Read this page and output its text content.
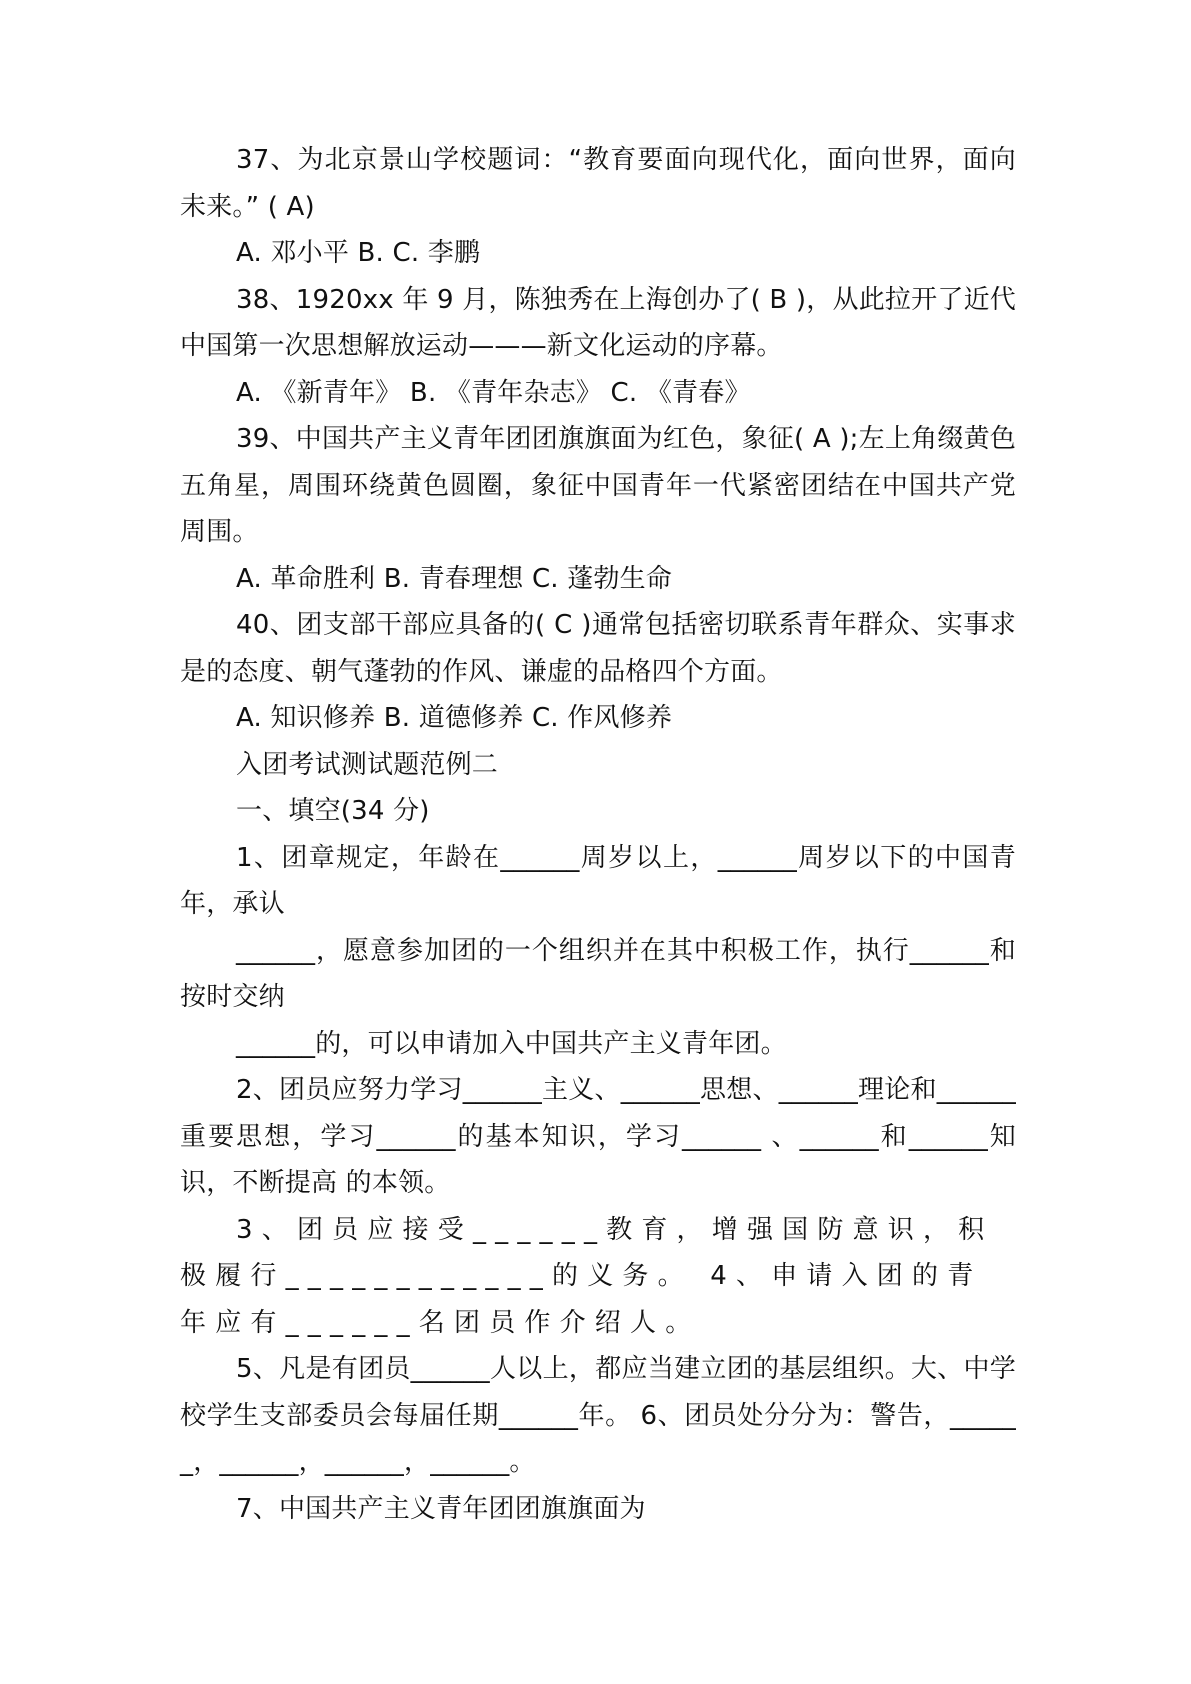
37、为北京景山学校题词：“教育要面向现代化，面向世界，面向未来。” ( A)

A. 邓小平 B. C. 李鹏

38、1920xx 年 9 月，陈独秀在上海创办了( B )，从此拉开了近代中国第一次思想解放运动———新文化运动的序幕。

A. 《新青年》 B. 《青年杂志》 C. 《青春》

39、中国共产主义青年团团旗旗面为红色，象征( A );左上角缀黄色五角星，周围环绕黄色圆圈，象征中国青年一代紧密团结在中国共产党周围。

A. 革命胜利 B. 青春理想 C. 蓬勃生命

40、团支部干部应具备的( C )通常包括密切联系青年群众、实事求是的态度、朝气蓬勃的作风、谦虚的品格四个方面。

A. 知识修养 B. 道德修养 C. 作风修养

入团考试测试题范例二

一、填空(34 分)

1、团章规定，年龄在______周岁以上，______周岁以下的中国青年，承认

______，愿意参加团的一个组织并在其中积极工作，执行______和按时交纳

______的，可以申请加入中国共产主义青年团。

2、团员应努力学习______主义、______思想、______理论和______重要思想，学习______的基本知识，学习______ 、______和______知识，不断提高 的本领。

3、团员应接受______教育，增强国防意识，积极履行____________的义务。 4、申请入团的青年应有______名团员作介绍人。

5、凡是有团员______人以上，都应当建立团的基层组织。大、中学校学生支部委员会每届任期______年。 6、团员处分分为：警告，______，______，______，______。

7、中国共产主义青年团团旗旗面为
